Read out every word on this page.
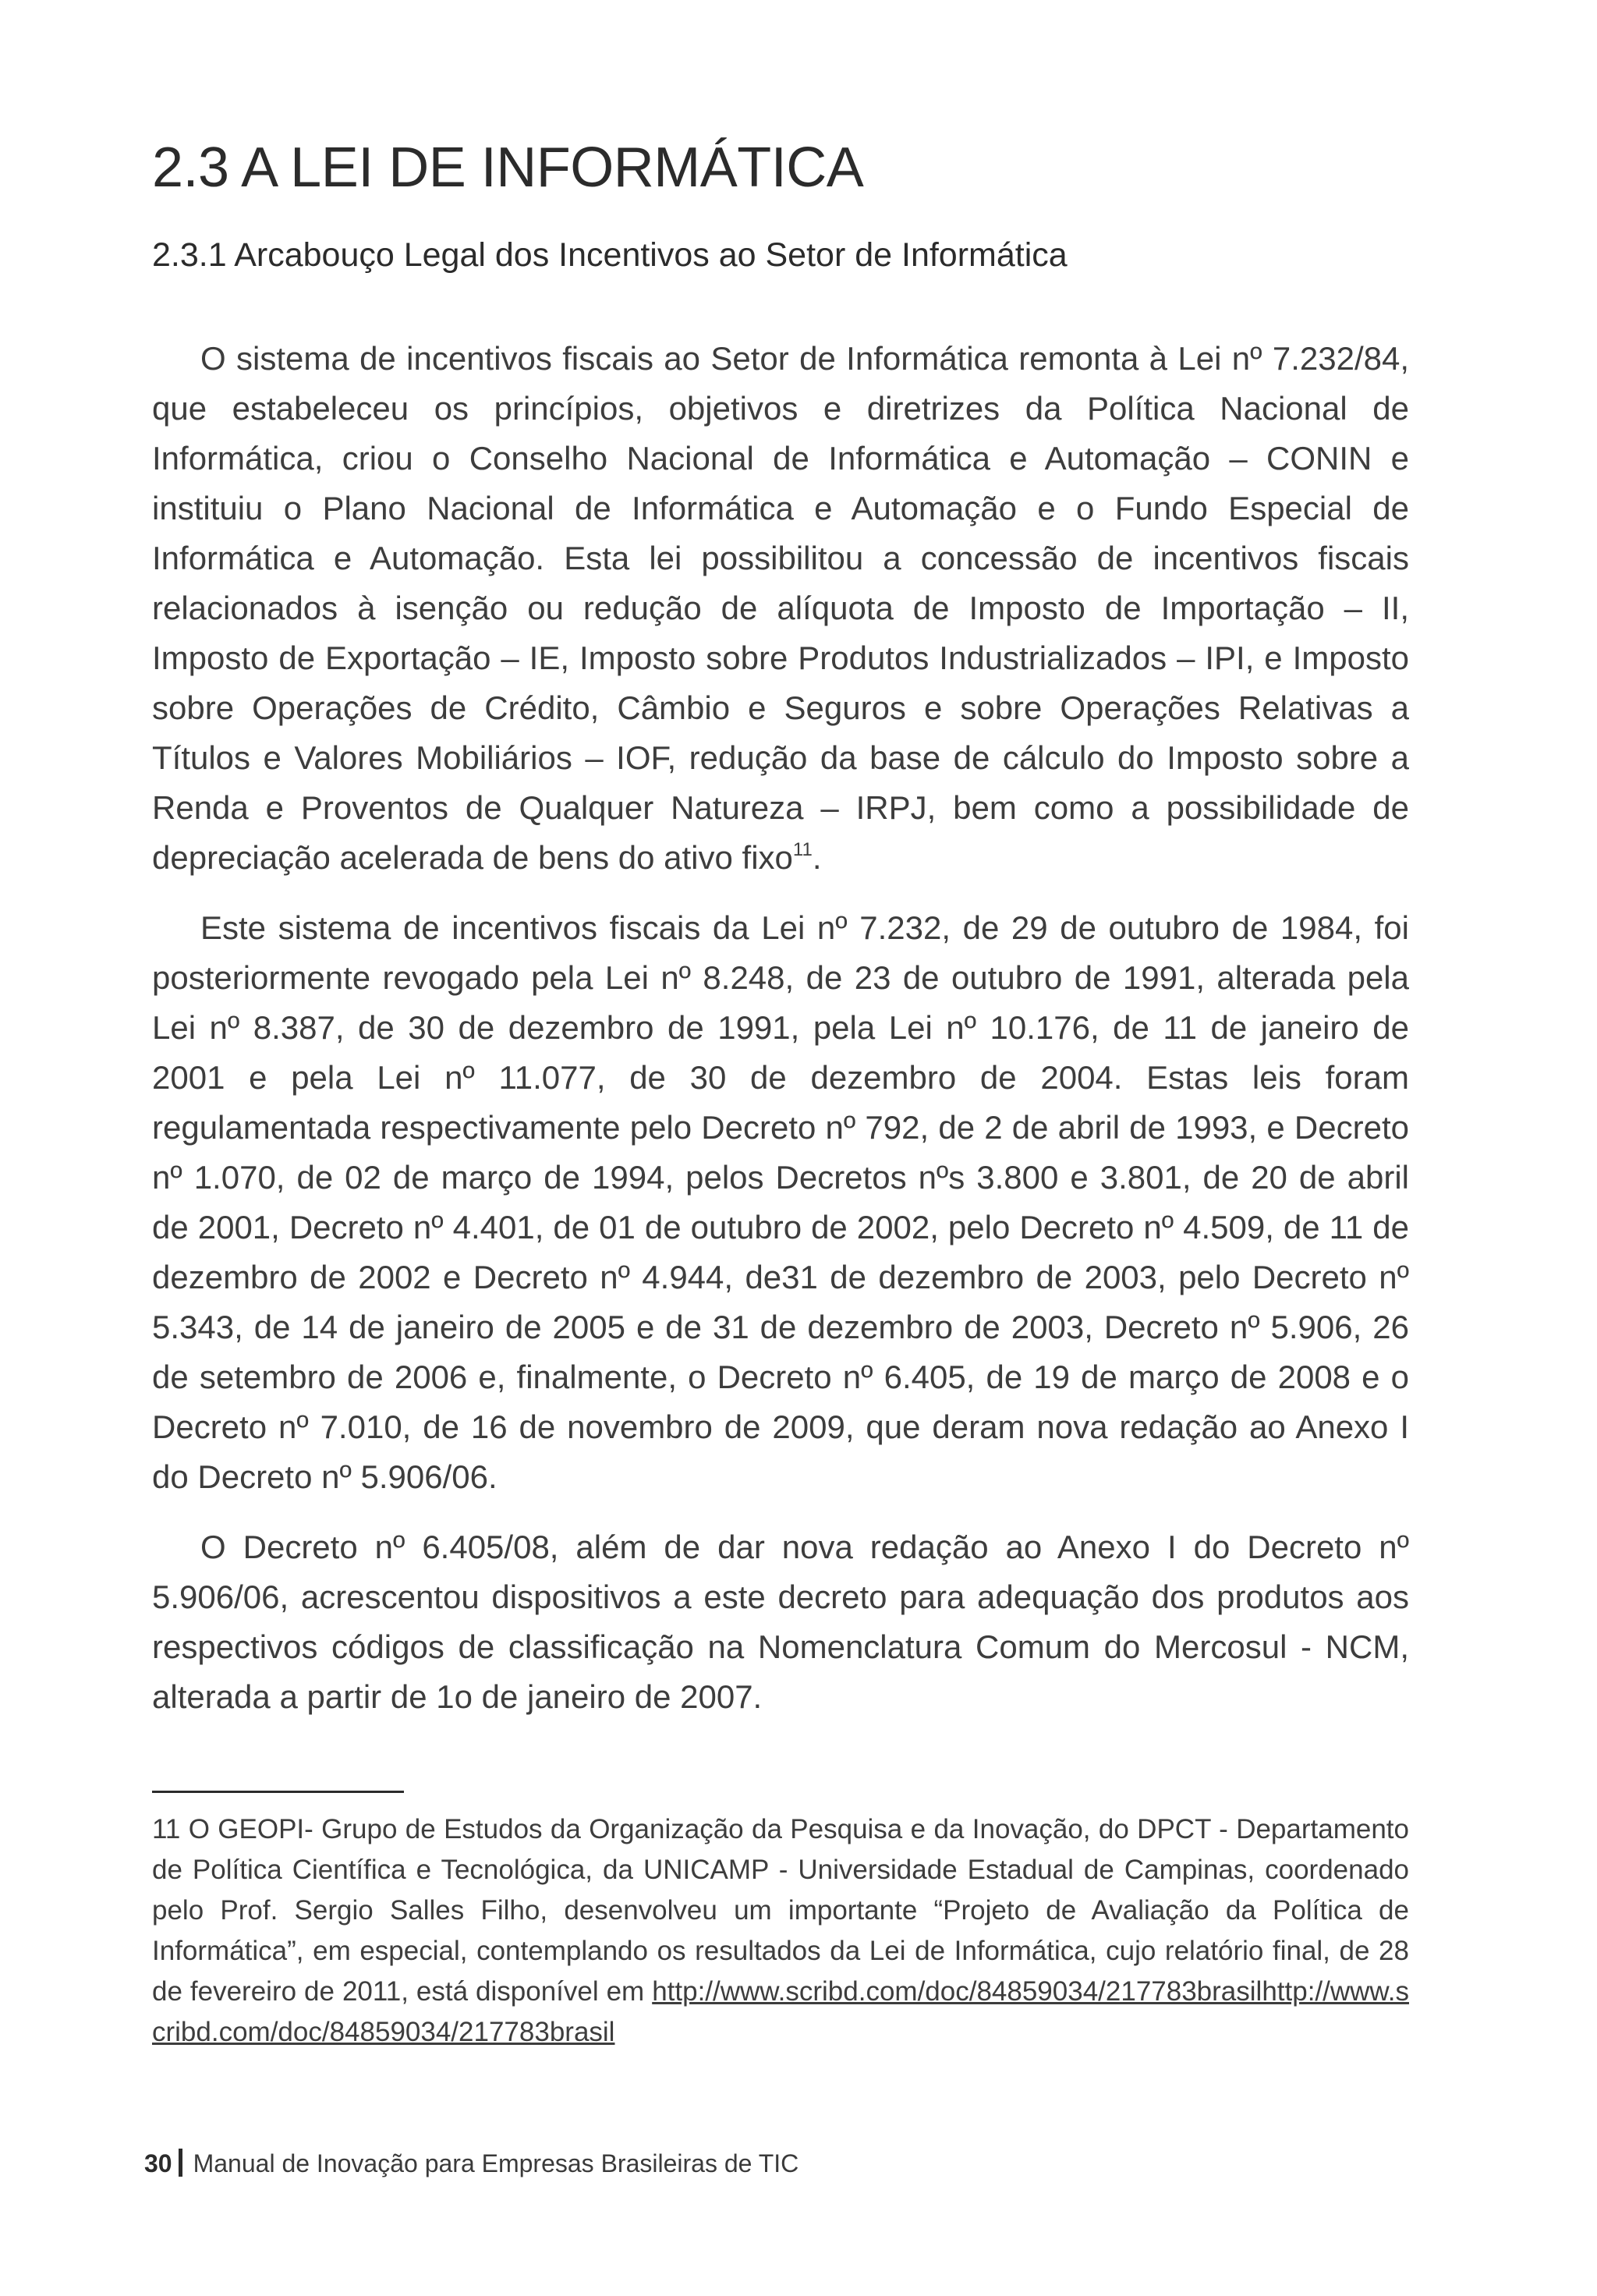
2.3 A LEI DE INFORMÁTICA
2.3.1 Arcabouço Legal dos Incentivos ao Setor de Informática

O sistema de incentivos fiscais ao Setor de Informática remonta à Lei nº 7.232/84, que estabeleceu os princípios, objetivos e diretrizes da Política Nacional de Informática, criou o Conselho Nacional de Informática e Automação – CONIN e instituiu o Plano Nacional de Informática e Automação e o Fundo Especial de Informática e Automação. Esta lei possibilitou a concessão de incentivos fiscais relacionados à isenção ou redução de alíquota de Imposto de Importação – II, Imposto de Exportação – IE, Imposto sobre Produtos Industrializados – IPI, e Imposto sobre Operações de Crédito, Câmbio e Seguros e sobre Operações Relativas a Títulos e Valores Mobiliários – IOF, redução da base de cálculo do Imposto sobre a Renda e Proventos de Qualquer Natureza – IRPJ, bem como a possibilidade de depreciação acelerada de bens do ativo fixo$^{11}$.

Este sistema de incentivos fiscais da Lei nº 7.232, de 29 de outubro de 1984, foi posteriormente revogado pela Lei nº 8.248, de 23 de outubro de 1991, alterada pela Lei nº 8.387, de 30 de dezembro de 1991, pela Lei nº 10.176, de 11 de janeiro de 2001 e pela Lei nº 11.077, de 30 de dezembro de 2004. Estas leis foram regulamentada respectivamente pelo Decreto nº 792, de 2 de abril de 1993, e Decreto nº 1.070, de 02 de março de 1994, pelos Decretos nºs 3.800 e 3.801, de 20 de abril de 2001, Decreto nº 4.401, de 01 de outubro de 2002, pelo Decreto nº 4.509, de 11 de dezembro de 2002 e Decreto nº 4.944, de31 de dezembro de 2003, pelo Decreto nº 5.343, de 14 de janeiro de 2005 e de 31 de dezembro de 2003, Decreto nº 5.906, 26 de setembro de 2006 e, finalmente, o Decreto nº 6.405, de 19 de março de 2008 e o Decreto nº 7.010, de 16 de novembro de 2009, que deram nova redação ao Anexo I do Decreto nº 5.906/06.

O Decreto nº 6.405/08, além de dar nova redação ao Anexo I do Decreto nº 5.906/06, acrescentou dispositivos a este decreto para adequação dos produtos aos respectivos códigos de classificação na Nomenclatura Comum do Mercosul - NCM, alterada a partir de 1o de janeiro de 2007.

11 O GEOPI- Grupo de Estudos da Organização da Pesquisa e da Inovação, do DPCT - Departamento de Política Científica e Tecnológica, da UNICAMP - Universidade Estadual de Campinas, coordenado pelo Prof. Sergio Salles Filho, desenvolveu um importante “Projeto de Avaliação da Política de Informática”, em especial, contemplando os resultados da Lei de Informática, cujo relatório final, de 28 de fevereiro de 2011, está disponível em http://www.scribd.com/doc/84859034/217783brasilhttp://www.scribd.com/doc/84859034/217783brasil

30 Manual de Inovação para Empresas Brasileiras de TIC
